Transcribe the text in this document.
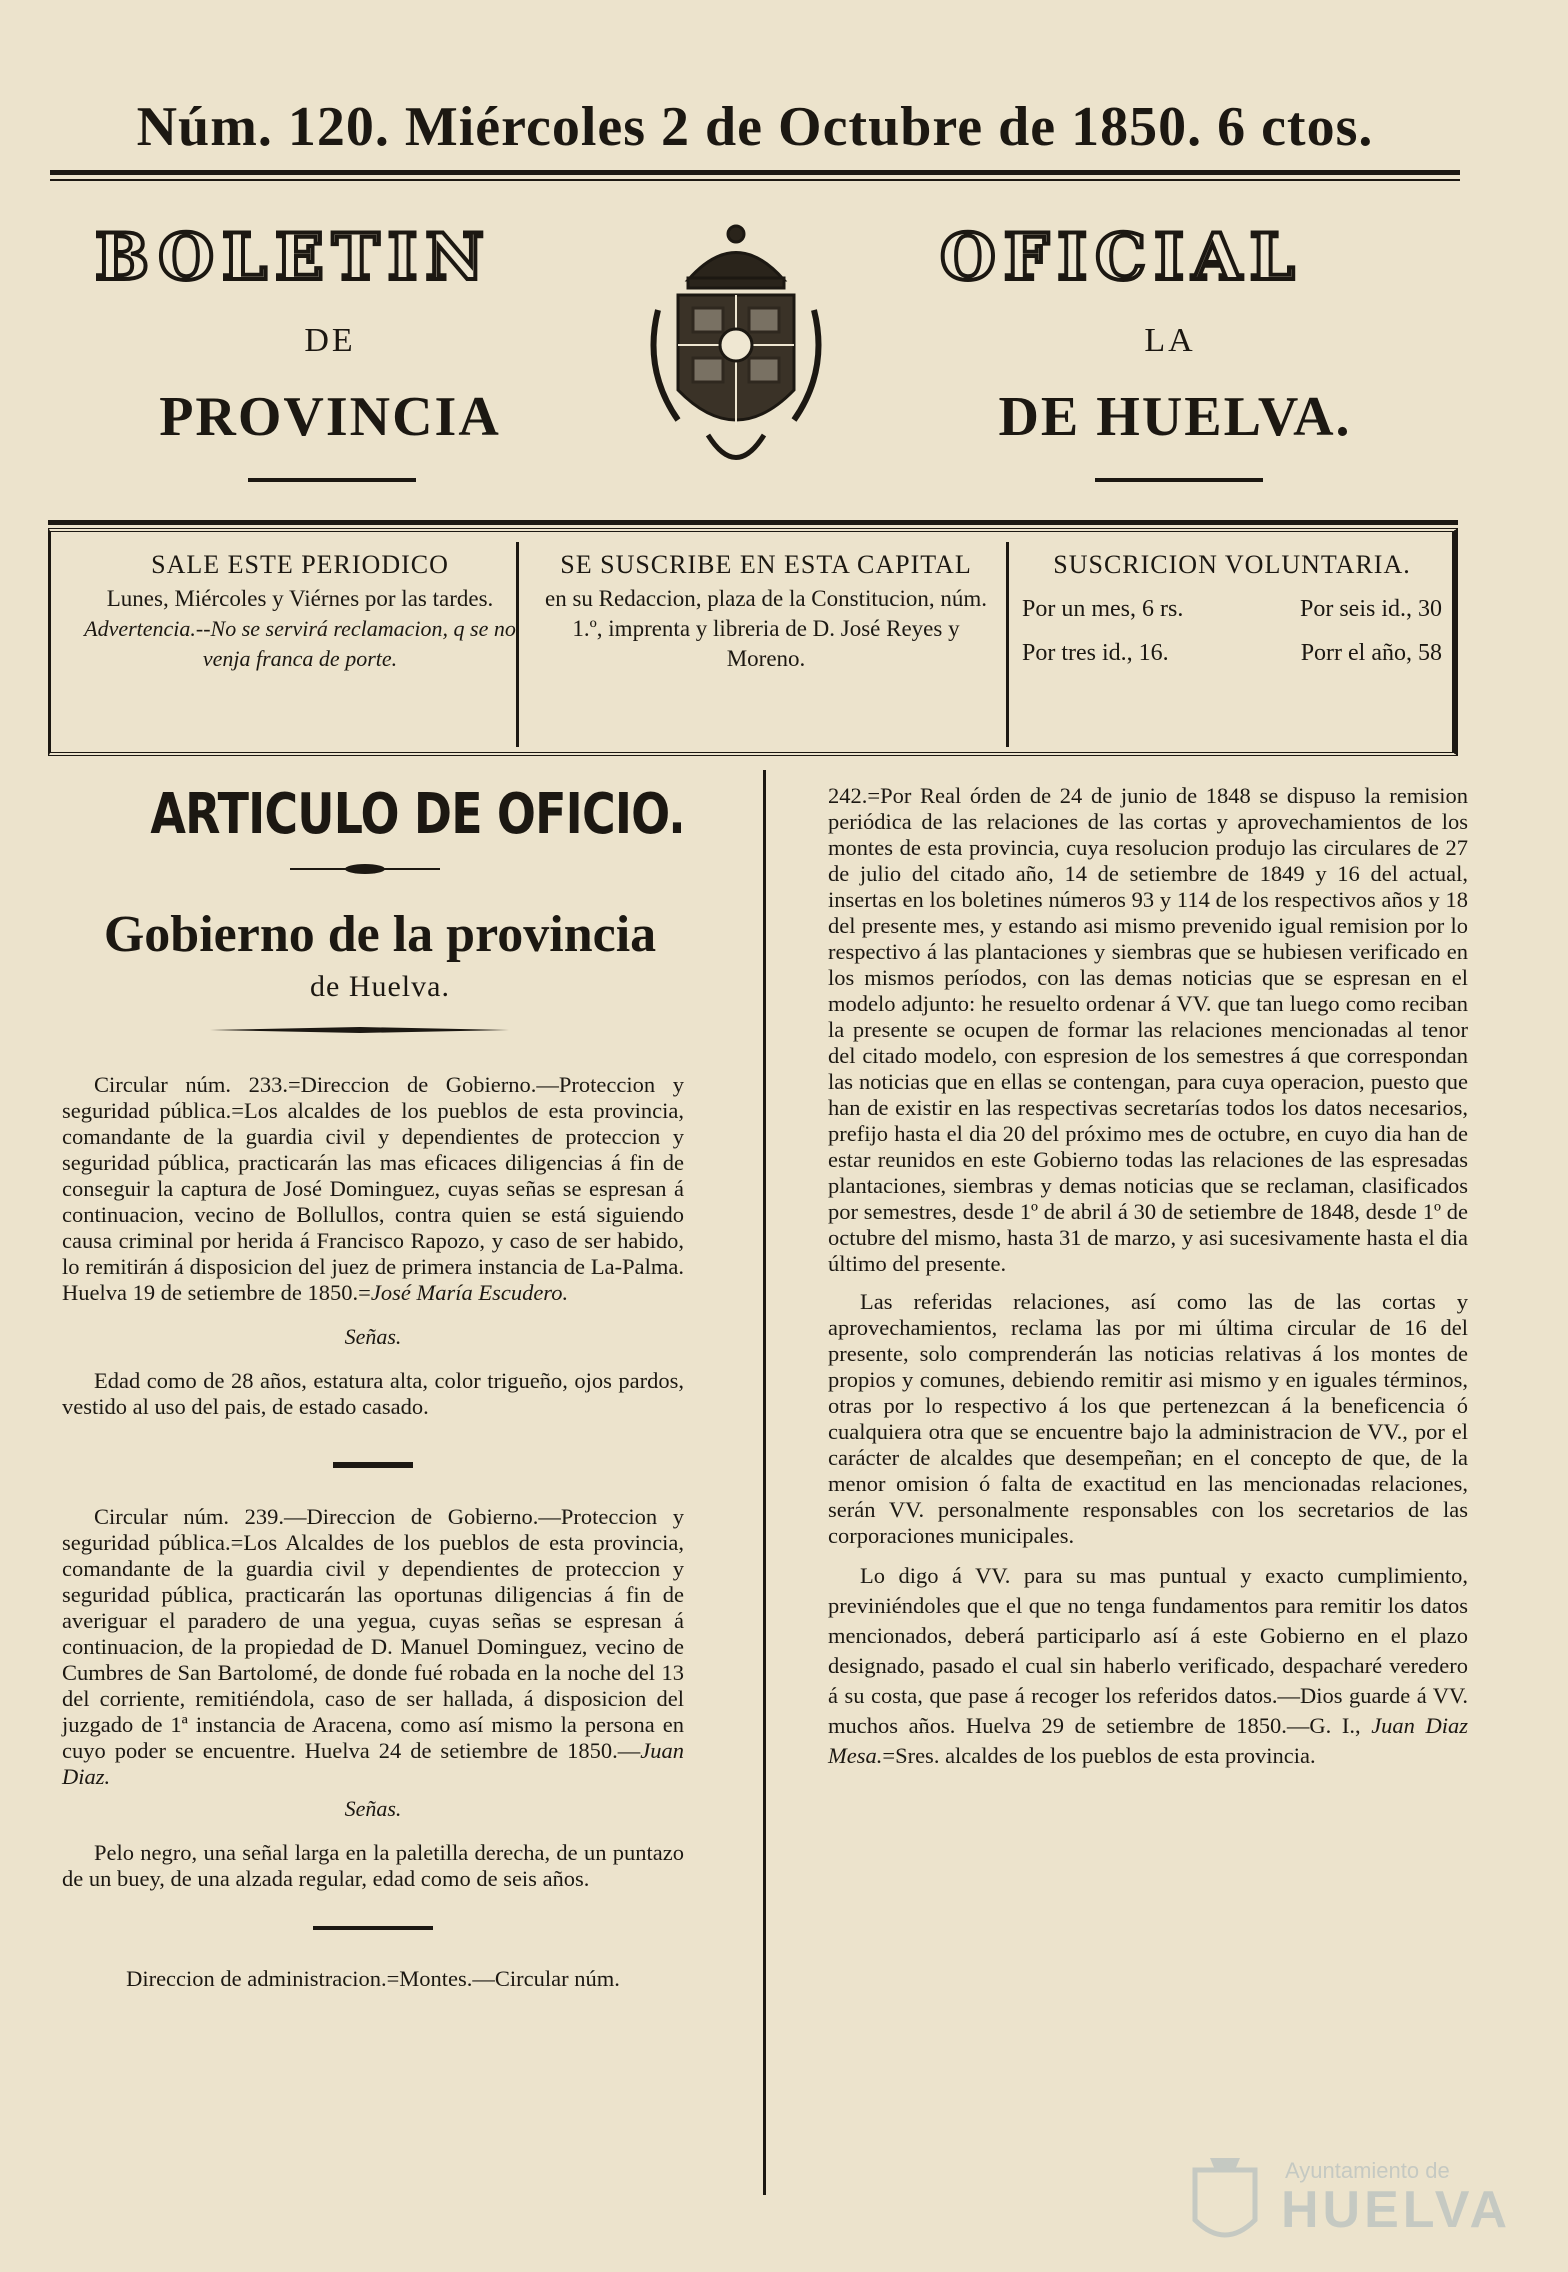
Núm. 120. Miércoles 2 de Octubre de 1850. 6 ctos.
BOLETIN	OFICIAL
DE	LA
PROVINCIA	DE HUELVA.
SALE ESTE PERIODICO
Lunes, Miércoles y Viérnes por las tardes.
Advertencia.--No se servirá reclamacion, q se no venja franca de porte.
SE SUSCRIBE EN ESTA CAPITAL
en su Redaccion, plaza de la Constitucion, núm. 1.º, imprenta y libreria de D. José Reyes y Moreno.
SUSCRICION VOLUNTARIA.
Por un mes, 6 rs.	Por seis id., 30
Por tres id., 16.	Porr el año, 58
ARTICULO DE OFICIO.
Gobierno de la provincia
de Huelva.

Circular núm. 233.=Direccion de Gobierno.—Proteccion y seguridad pública.=Los alcaldes de los pueblos de esta provincia, comandante de la guardia civil y dependientes de proteccion y seguridad pública, practicarán las mas eficaces diligencias á fin de conseguir la captura de José Dominguez, cuyas señas se espresan á continuacion, vecino de Bollullos, contra quien se está siguiendo causa criminal por herida á Francisco Rapozo, y caso de ser habido, lo remitirán á disposicion del juez de primera instancia de La-Palma. Huelva 19 de setiembre de 1850.=José María Escudero.

Señas.

Edad como de 28 años, estatura alta, color trigueño, ojos pardos, vestido al uso del pais, de estado casado.

Circular núm. 239.—Direccion de Gobierno.—Proteccion y seguridad pública.=Los Alcaldes de los pueblos de esta provincia, comandante de la guardia civil y dependientes de proteccion y seguridad pública, practicarán las oportunas diligencias á fin de averiguar el paradero de una yegua, cuyas señas se espresan á continuacion, de la propiedad de D. Manuel Dominguez, vecino de Cumbres de San Bartolomé, de donde fué robada en la noche del 13 del corriente, remitiéndola, caso de ser hallada, á disposicion del juzgado de 1ª instancia de Aracena, como así mismo la persona en cuyo poder se encuentre. Huelva 24 de setiembre de 1850.—Juan Diaz.

Señas.

Pelo negro, una señal larga en la paletilla derecha, de un puntazo de un buey, de una alzada regular, edad como de seis años.

Direccion de administracion.=Montes.—Circular núm.

242.=Por Real órden de 24 de junio de 1848 se dispuso la remision periódica de las relaciones de las cortas y aprovechamientos de los montes de esta provincia, cuya resolucion produjo las circulares de 27 de julio del citado año, 14 de setiembre de 1849 y 16 del actual, insertas en los boletines números 93 y 114 de los respectivos años y 18 del presente mes, y estando asi mismo prevenido igual remision por lo respectivo á las plantaciones y siembras que se hubiesen verificado en los mismos períodos, con las demas noticias que se espresan en el modelo adjunto: he resuelto ordenar á VV. que tan luego como reciban la presente se ocupen de formar las relaciones mencionadas al tenor del citado modelo, con espresion de los semestres á que correspondan las noticias que en ellas se contengan, para cuya operacion, puesto que han de existir en las respectivas secretarías todos los datos necesarios, prefijo hasta el dia 20 del próximo mes de octubre, en cuyo dia han de estar reunidos en este Gobierno todas las relaciones de las espresadas plantaciones, siembras y demas noticias que se reclaman, clasificados por semestres, desde 1º de abril á 30 de setiembre de 1848, desde 1º de octubre del mismo, hasta 31 de marzo, y asi sucesivamente hasta el dia último del presente.

Las referidas relaciones, así como las de las cortas y aprovechamientos, reclama las por mi última circular de 16 del presente, solo comprenderán las noticias relativas á los montes de propios y comunes, debiendo remitir asi mismo y en iguales términos, otras por lo respectivo á los que pertenezcan á la beneficencia ó cualquiera otra que se encuentre bajo la administracion de VV., por el carácter de alcaldes que desempeñan; en el concepto de que, de la menor omision ó falta de exactitud en las mencionadas relaciones, serán VV. personalmente responsables con los secretarios de las corporaciones municipales.

Lo digo á VV. para su mas puntual y exacto cumplimiento, previniéndoles que el que no tenga fundamentos para remitir los datos mencionados, deberá participarlo así á este Gobierno en el plazo designado, pasado el cual sin haberlo verificado, despacharé veredero á su costa, que pase á recoger los referidos datos.—Dios guarde á VV. muchos años. Huelva 29 de setiembre de 1850.—G. I., Juan Diaz Mesa.=Sres. alcaldes de los pueblos de esta provincia.

Ayuntamiento de
HUELVA
